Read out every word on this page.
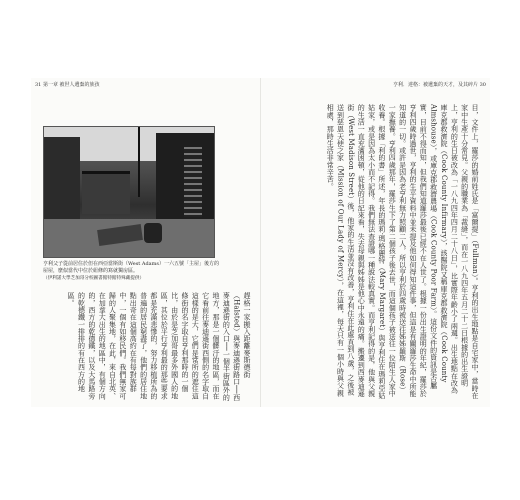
31 第一章 被世人遺棄的族孩
亨利父子從前居住於但在西亞當斯街（West Adams）一六五號「主屋」後方的
屋屋，麼似當代中位於紐條的寫就獨房區。
（伊利諾大學芝加哥分校圖書館特館特殊藏提供）
趕格一家搬入距離麥斯德街（Halsted）與麥迪遜街路口──西麥迪遜街的入口──一個半街區外的地方，那是一個髒汙的地區，而在它看前往麥迪遜街西側的名字取自這樣的是大，它們是常所的遮住這條街的名字取自亨利那時的一個比，由於是芝加哥最多外國人的地區，其位於平行亨利最的那些要求都是充滿悲慘的，努力移植所為的普遍的居民窮盡了，他們的居住地點出奇在這個高約在有每對族群中，一個有如移民們。我們無家可歸的人聚集地，在此，來自北英、在加拿大出生的地區中，有個方向的，西方的乾德鐵，以及大馬路旁的乾德鐵一排排的有在西方的地區。
亨利．達格：被遺棄的天才，及其碎片 30
目，文件上，羅莎的婚前姓氏是「富爾提」（Fullman）。亨利的出生地點是自宅家中，當時在家中生產十分常見。父親的職業為「裁縫」，而在一八九四年五月二十二日根據的出生證明上，亨利的生日被改為「一八九四年四月二十八日」，比實際年齡小了兩週。出生地點在改為庫克郡救濟院（Cook County Infirmary），該醫院又稱庫克郡救濟院（Cook County Almshouse），或庫克郡救濟農場（Cook County Poor Farm）。這份文件的資訊是否屬實，目前不得而知，但我們知道羅莎最後已經不在人世了。根據一份出生證明的年紀，羅莎於亨利四歲時過世，亨利的生平資料中並未提及他如何得知這件事，但這是有關羅莎生命中所能知道的一切。或許是因為老亨利無力照顧二人，所以亨利於四歲時被送往姊姊羅斯（Rose）一家撫養。亨利四歲那年，羅莎生下了第二個孩子後去世，而這個孩子被送往一位陌生人家中收養。根據「利的書」所述，年長的瑪莉·瑪格麗特（Mary Margaret）與亨利住在瑪莉亞姑姑家，或是因為太小而不記得。我們無法查證哪一種說法較真實。而亨利記得的是，他與父親的生活一直充滿困頓，從他的日記來看，失去母親與姊姊是他心中永遠的痛。搬遷到西麥迪遜街（West Madison Street）後，他家的生活並沒有改善，亨利住在此處直到八歲，之後被送到慈恩天使之家（Mission of Our Lady of Mercy），在這裡，每天只有一個小時與父親相處，那時生活非常辛苦。
